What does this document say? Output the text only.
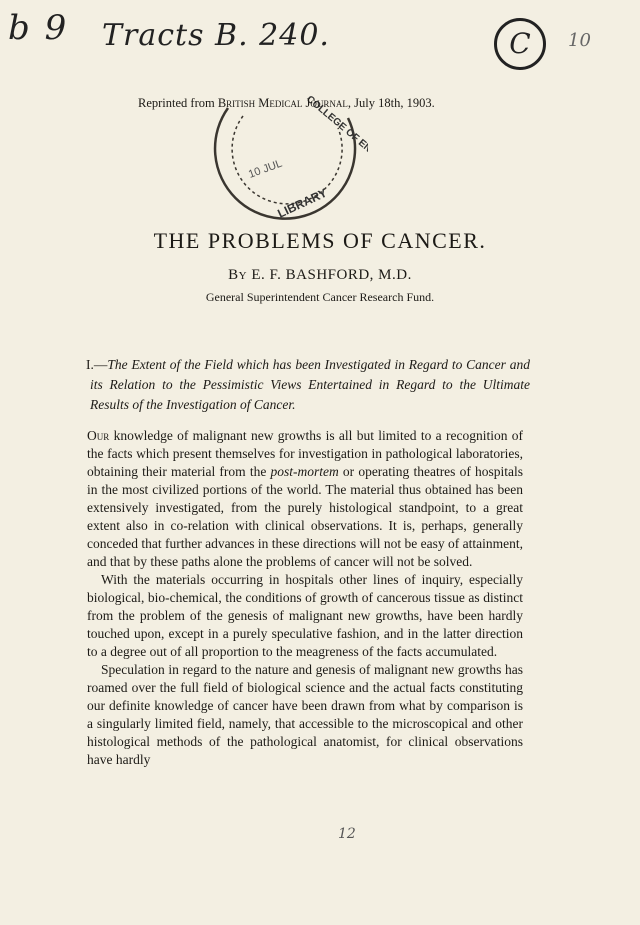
b 9 Tracts B. 240.	C	10
12
10 JUL
LIBRARY
COLLEGE OF ENGLAND
Reprinted from British Medical Journal, July 18th, 1903.
THE PROBLEMS OF CANCER.
By E. F. BASHFORD, M.D.
General Superintendent Cancer Research Fund.
I.—The Extent of the Field which has been Investigated in Regard to Cancer and its Relation to the Pessimistic Views Entertained in Regard to the Ultimate Results of the Investigation of Cancer.

Our knowledge of malignant new growths is all but limited to a recognition of the facts which present themselves for investigation in pathological laboratories, obtaining their material from the post-mortem or operating theatres of hospitals in the most civilized portions of the world. The material thus obtained has been extensively investigated, from the purely histological standpoint, to a great extent also in co-relation with clinical observations. It is, perhaps, generally conceded that further advances in these directions will not be easy of attainment, and that by these paths alone the problems of cancer will not be solved.

With the materials occurring in hospitals other lines of inquiry, especially biological, bio-chemical, the conditions of growth of cancerous tissue as distinct from the problem of the genesis of malignant new growths, have been hardly touched upon, except in a purely speculative fashion, and in the latter direction to a degree out of all proportion to the meagreness of the facts accumulated.

Speculation in regard to the nature and genesis of malignant new growths has roamed over the full field of biological science and the actual facts constituting our definite knowledge of cancer have been drawn from what by comparison is a singularly limited field, namely, that accessible to the microscopical and other histological methods of the pathological anatomist, for clinical observations have hardly
